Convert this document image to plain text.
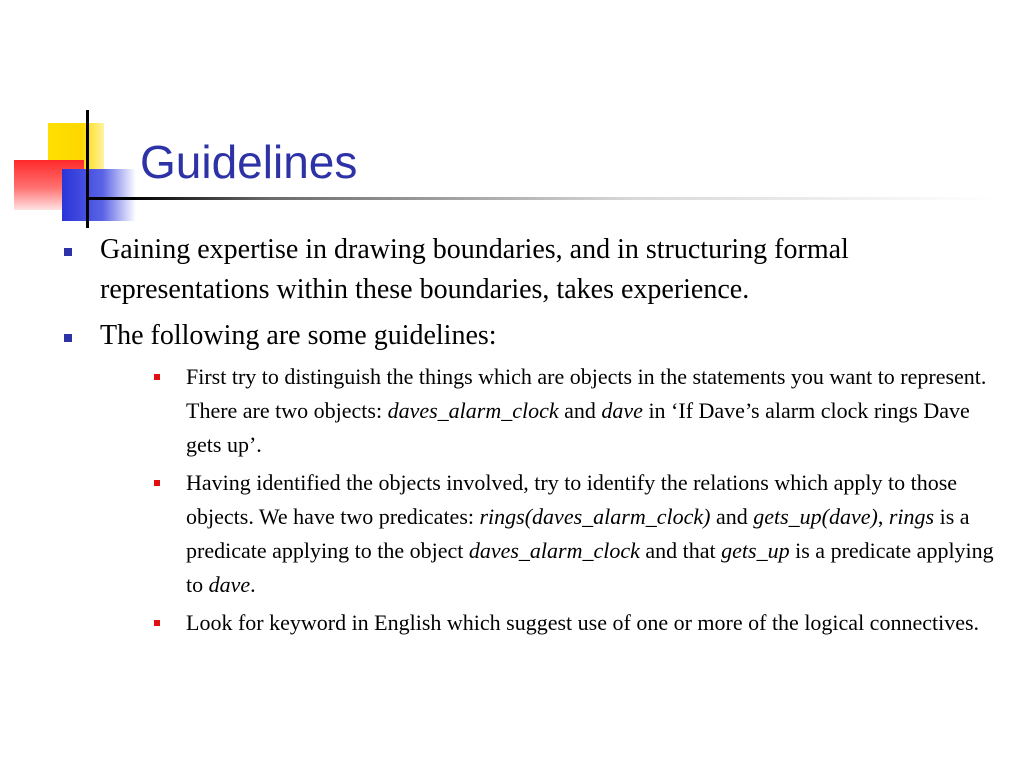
Guidelines
Gaining expertise in drawing boundaries, and in structuring formal representations within these boundaries, takes experience.
The following are some guidelines:
First try to distinguish the things which are objects in the statements you want to represent. There are two objects: daves_alarm_clock and dave in ‘If Dave’s alarm clock rings Dave gets up’.
Having identified the objects involved, try to identify the relations which apply to those objects. We have two predicates: rings(daves_alarm_clock) and gets_up(dave), rings is a predicate applying to the object daves_alarm_clock and that gets_up is a predicate applying to dave.
Look for keyword in English which suggest use of one or more of the logical connectives.
